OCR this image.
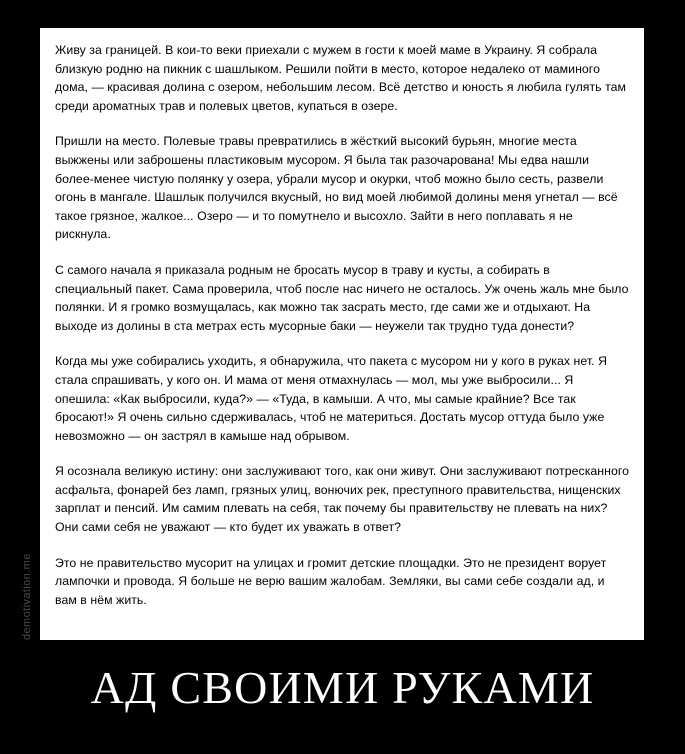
Живу за границей. В кои-то веки приехали с мужем в гости к моей маме в Украину. Я собрала близкую родню на пикник с шашлыком. Решили пойти в место, которое недалеко от маминого дома, — красивая долина с озером, небольшим лесом. Всё детство и юность я любила гулять там среди ароматных трав и полевых цветов, купаться в озере.

Пришли на место. Полевые травы превратились в жёсткий высокий бурьян, многие места выжжены или заброшены пластиковым мусором. Я была так разочарована! Мы едва нашли более-менее чистую полянку у озера, убрали мусор и окурки, чтоб можно было сесть, развели огонь в мангале. Шашлык получился вкусный, но вид моей любимой долины меня угнетал — всё такое грязное, жалкое... Озеро — и то помутнело и высохло. Зайти в него поплавать я не рискнула.

С самого начала я приказала родным не бросать мусор в траву и кусты, а собирать в специальный пакет. Сама проверила, чтоб после нас ничего не осталось. Уж очень жаль мне было полянки. И я громко возмущалась, как можно так засрать место, где сами же и отдыхают. На выходе из долины в ста метрах есть мусорные баки — неужели так трудно туда донести?

Когда мы уже собирались уходить, я обнаружила, что пакета с мусором ни у кого в руках нет. Я стала спрашивать, у кого он. И мама от меня отмахнулась — мол, мы уже выбросили... Я опешила: «Как выбросили, куда?» — «Туда, в камыши. А что, мы самые крайние? Все так бросают!» Я очень сильно сдерживалась, чтоб не материться. Достать мусор оттуда было уже невозможно — он застрял в камыше над обрывом.

Я осознала великую истину: они заслуживают того, как они живут. Они заслуживают потресканного асфальта, фонарей без ламп, грязных улиц, вонючих рек, преступного правительства, нищенских зарплат и пенсий. Им самим плевать на себя, так почему бы правительству не плевать на них? Они сами себя не уважают — кто будет их уважать в ответ?

Это не правительство мусорит на улицах и громит детские площадки. Это не президент ворует лампочки и провода. Я больше не верю вашим жалобам. Земляки, вы сами себе создали ад, и вам в нём жить.

demotivation.me
АД СВОИМИ РУКАМИ
